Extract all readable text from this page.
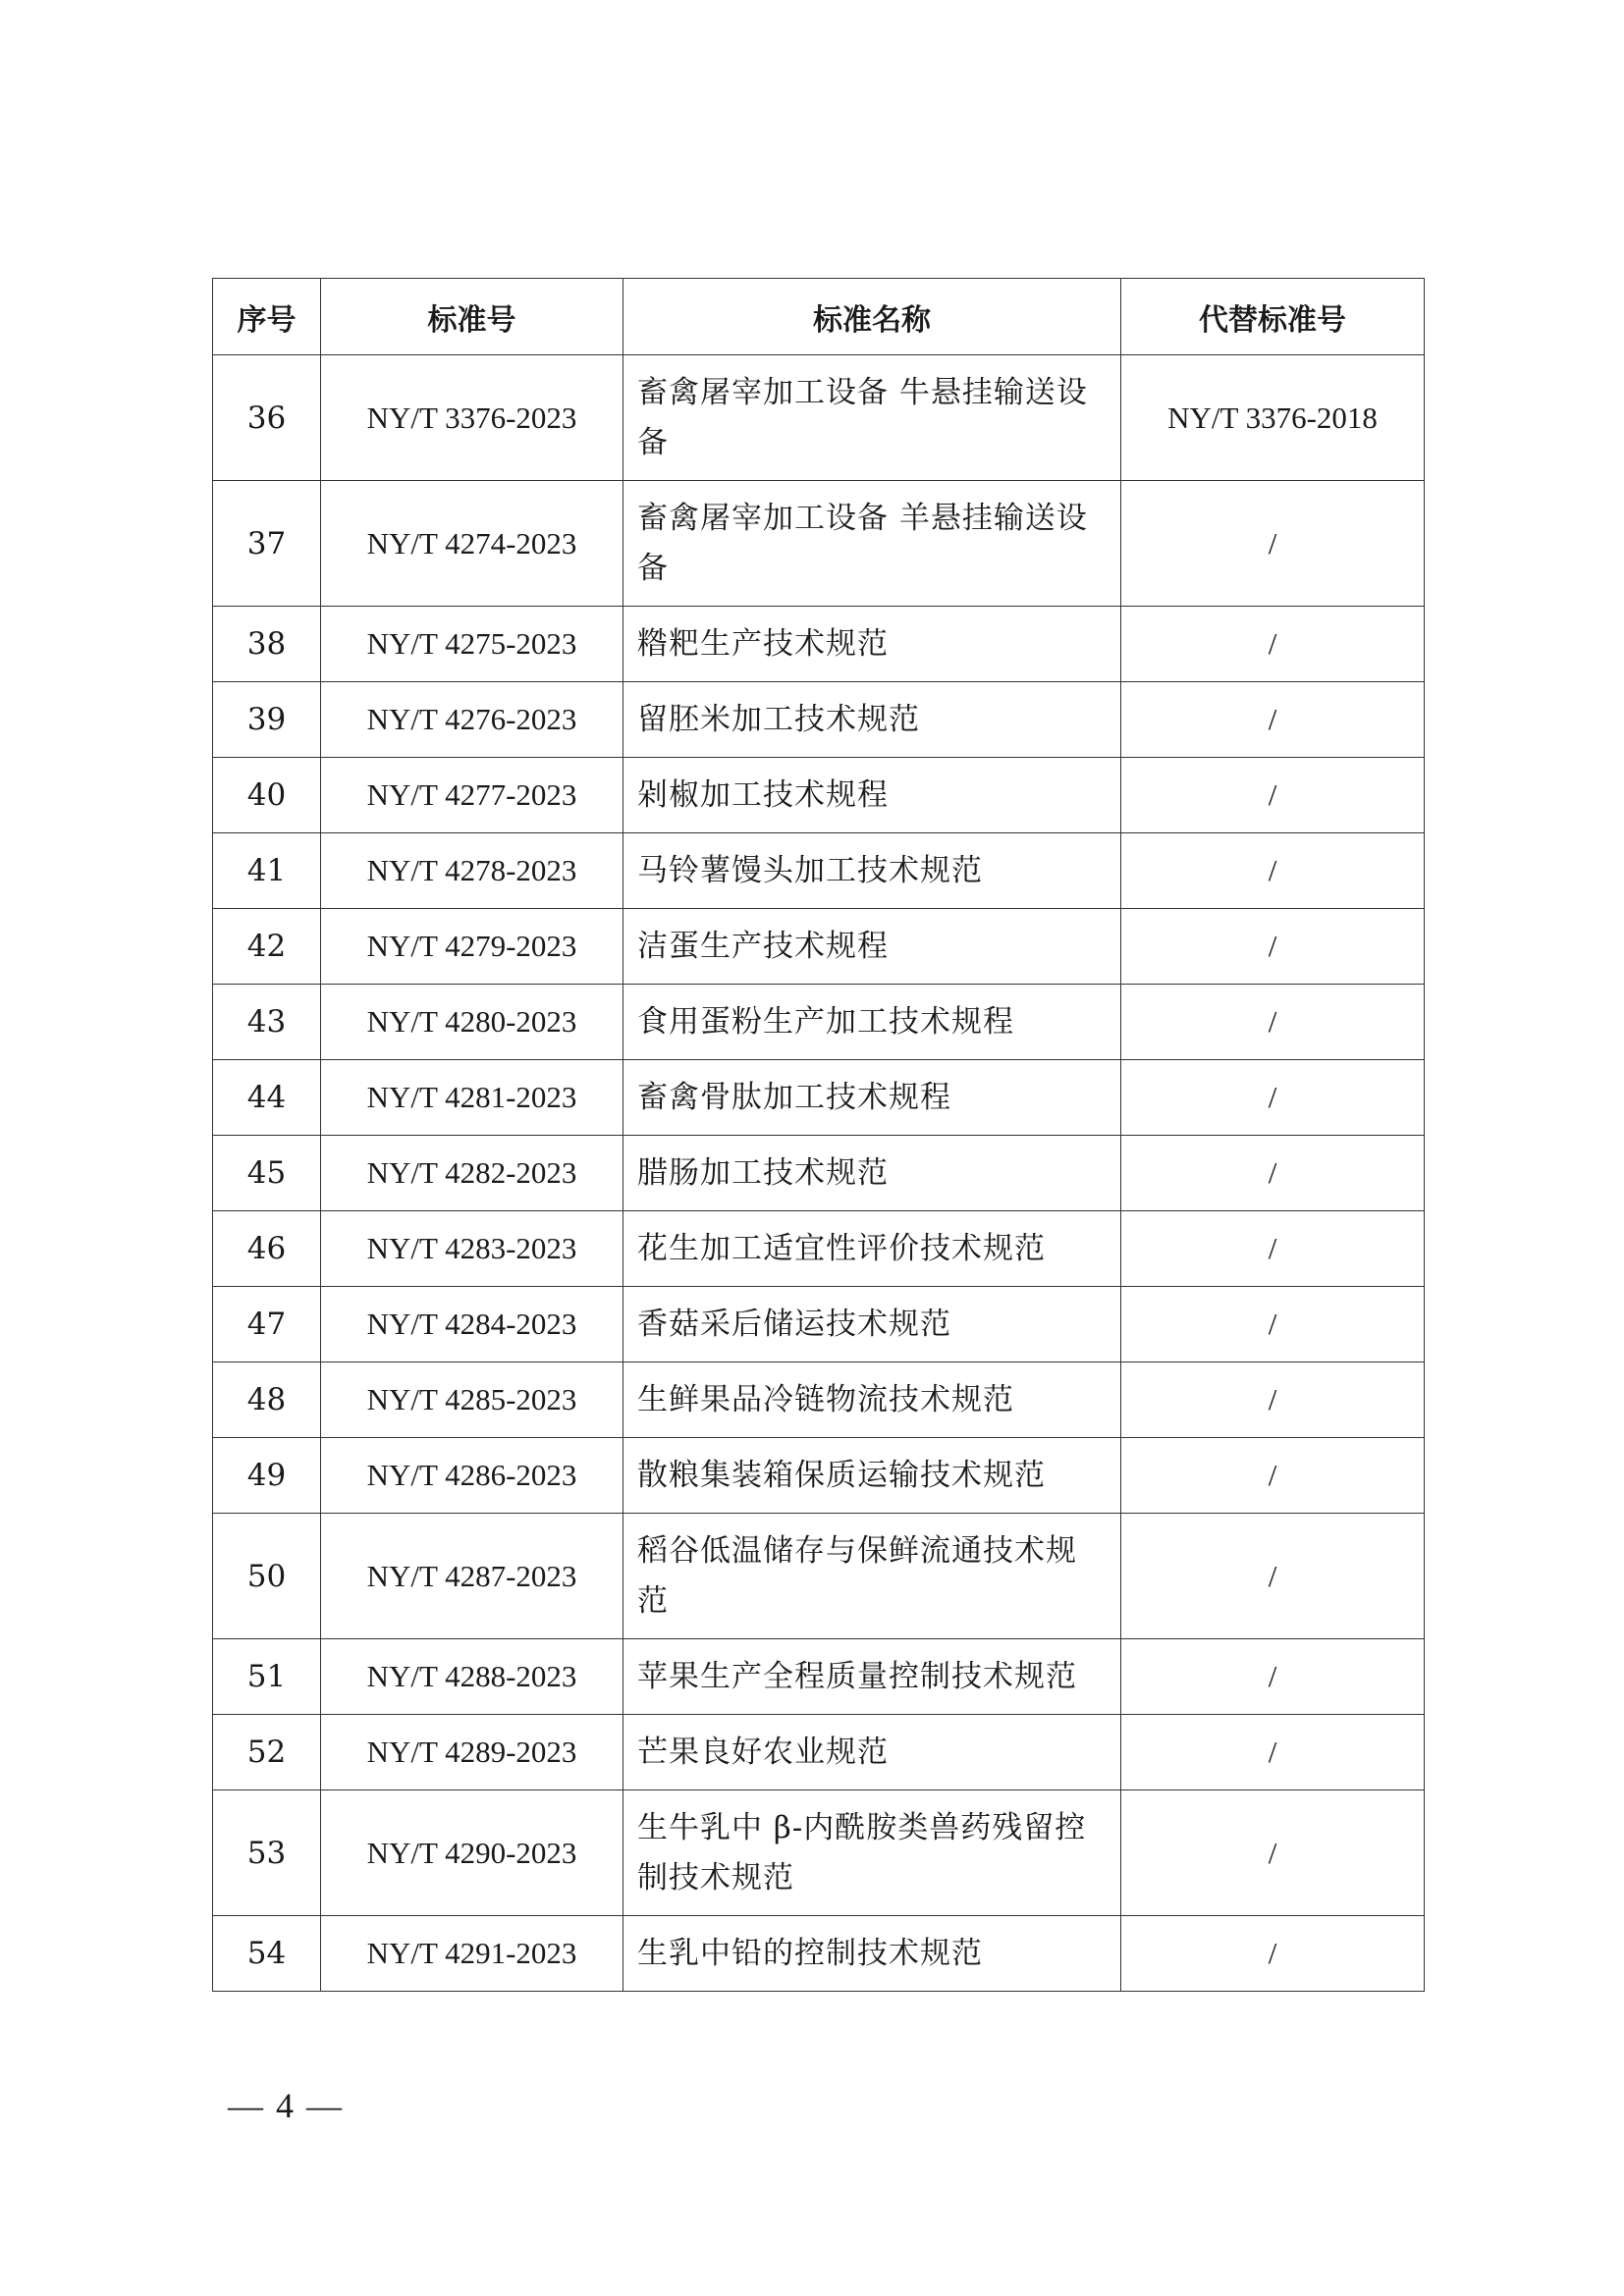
序号	标准号	标准名称	代替标准号
36	NY/T 3376-2023	畜禽屠宰加工设备 牛悬挂输送设备	NY/T 3376-2018
37	NY/T 4274-2023	畜禽屠宰加工设备 羊悬挂输送设备	/
38	NY/T 4275-2023	糌粑生产技术规范	/
39	NY/T 4276-2023	留胚米加工技术规范	/
40	NY/T 4277-2023	剁椒加工技术规程	/
41	NY/T 4278-2023	马铃薯馒头加工技术规范	/
42	NY/T 4279-2023	洁蛋生产技术规程	/
43	NY/T 4280-2023	食用蛋粉生产加工技术规程	/
44	NY/T 4281-2023	畜禽骨肽加工技术规程	/
45	NY/T 4282-2023	腊肠加工技术规范	/
46	NY/T 4283-2023	花生加工适宜性评价技术规范	/
47	NY/T 4284-2023	香菇采后储运技术规范	/
48	NY/T 4285-2023	生鲜果品冷链物流技术规范	/
49	NY/T 4286-2023	散粮集装箱保质运输技术规范	/
50	NY/T 4287-2023	稻谷低温储存与保鲜流通技术规范	/
51	NY/T 4288-2023	苹果生产全程质量控制技术规范	/
52	NY/T 4289-2023	芒果良好农业规范	/
53	NY/T 4290-2023	生牛乳中 β-内酰胺类兽药残留控制技术规范	/
54	NY/T 4291-2023	生乳中铅的控制技术规范	/
— 4 —
